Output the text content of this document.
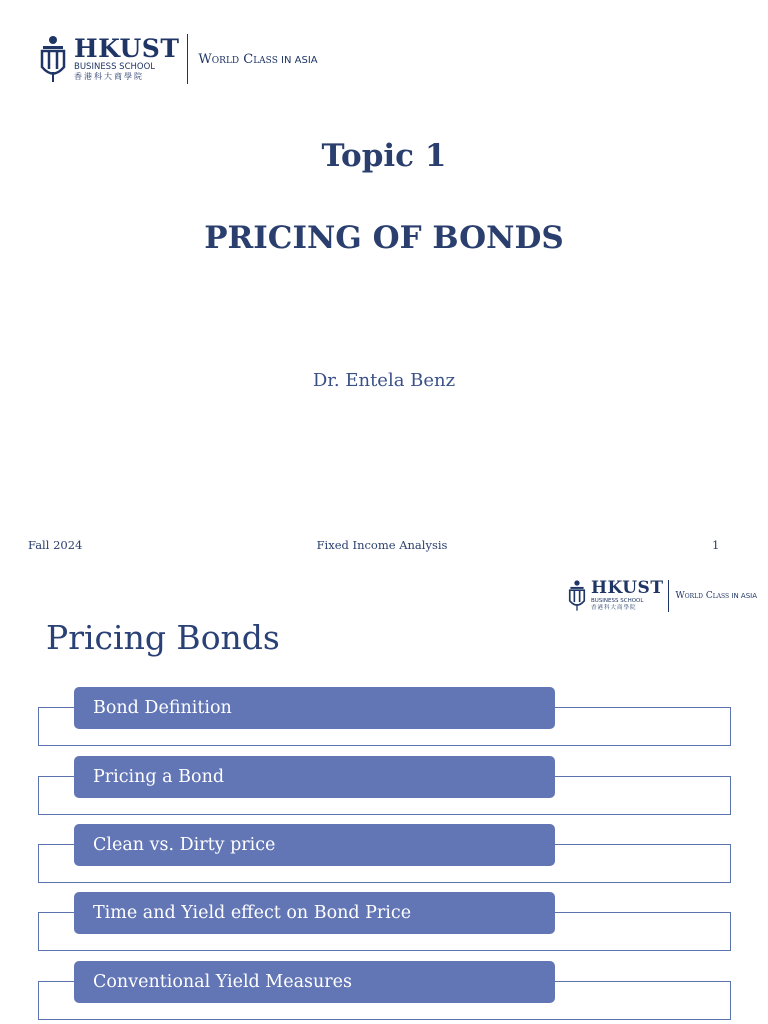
HKUST
BUSINESS SCHOOL
香港科大商學院
World Class IN ASIA
Topic 1
PRICING OF BONDS
Dr. Entela Benz
Fall 2024	Fixed Income Analysis	1
HKUST
BUSINESS SCHOOL
香港科大商學院
World Class IN ASIA
Pricing Bonds
Bond Definition
Pricing a Bond
Clean vs. Dirty price
Time and Yield effect on Bond Price
Conventional Yield Measures
